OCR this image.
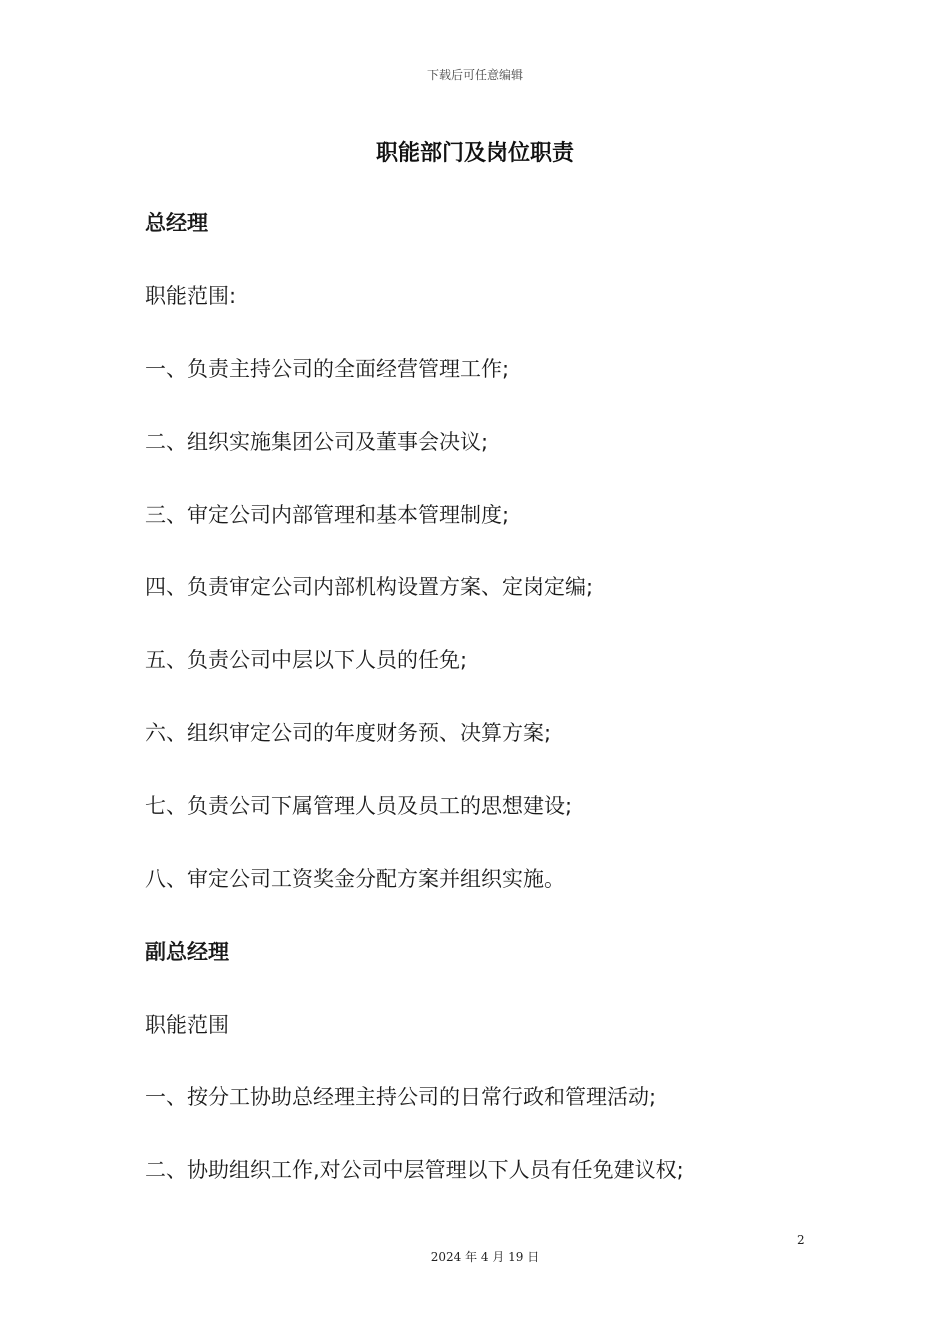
下载后可任意编辑
职能部门及岗位职责
总经理
职能范围:
一、负责主持公司的全面经营管理工作;
二、组织实施集团公司及董事会决议;
三、审定公司内部管理和基本管理制度;
四、负责审定公司内部机构设置方案、定岗定编;
五、负责公司中层以下人员的任免;
六、组织审定公司的年度财务预、决算方案;
七、负责公司下属管理人员及员工的思想建设;
八、审定公司工资奖金分配方案并组织实施。
副总经理
职能范围
一、按分工协助总经理主持公司的日常行政和管理活动;
二、协助组织工作,对公司中层管理以下人员有任免建议权;
2
2024 年 4 月 19 日
